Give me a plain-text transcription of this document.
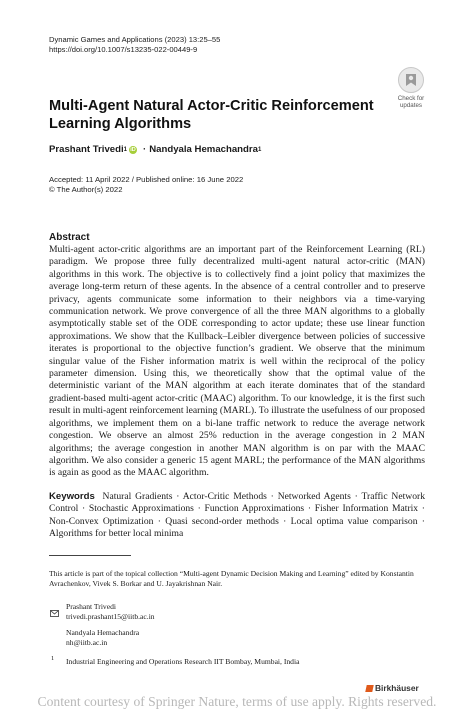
Dynamic Games and Applications (2023) 13:25–55
https://doi.org/10.1007/s13235-022-00449-9
Check for
updates
Multi-Agent Natural Actor-Critic Reinforcement Learning Algorithms
Prashant Trivedi 1 iD · Nandyala Hemachandra 1
Accepted: 11 April 2022 / Published online: 16 June 2022
© The Author(s) 2022
Abstract

Multi-agent actor-critic algorithms are an important part of the Reinforcement Learning (RL) paradigm. We propose three fully decentralized multi-agent natural actor-critic (MAN) algorithms in this work. The objective is to collectively find a joint policy that maximizes the average long-term return of these agents. In the absence of a central controller and to preserve privacy, agents communicate some information to their neighbors via a time-varying communication network. We prove convergence of all the three MAN algorithms to a globally asymptotically stable set of the ODE corresponding to actor update; these use linear function approximations. We show that the Kullback–Leibler divergence between policies of successive iterates is proportional to the objective function’s gradient. We observe that the minimum singular value of the Fisher information matrix is well within the reciprocal of the policy parameter dimension. Using this, we theoretically show that the optimal value of the deterministic variant of the MAN algorithm at each iterate dominates that of the standard gradient-based multi-agent actor-critic (MAAC) algorithm. To our knowledge, it is the first such result in multi-agent reinforcement learning (MARL). To illustrate the usefulness of our proposed algorithms, we implement them on a bi-lane traffic network to reduce the average network congestion. We observe an almost 25% reduction in the average congestion in 2 MAN algorithms; the average congestion in another MAN algorithm is on par with the MAAC algorithm. We also consider a generic 15 agent MARL; the performance of the MAN algorithms is again as good as the MAAC algorithm.

Keywords Natural Gradients · Actor-Critic Methods · Networked Agents · Traffic Network Control · Stochastic Approximations · Function Approximations · Fisher Information Matrix · Non-Convex Optimization · Quasi second-order methods · Local optima value comparison · Algorithms for better local minima

This article is part of the topical collection “Multi-agent Dynamic Decision Making and Learning” edited by Konstantin Avrachenkov, Vivek S. Borkar and U. Jayakrishnan Nair.
Prashant Trivedi
trivedi.prashant15@iitb.ac.in
Nandyala Hemachandra
nh@iitb.ac.in
1 Industrial Engineering and Operations Research IIT Bombay, Mumbai, India
Birkhäuser
Content courtesy of Springer Nature, terms of use apply. Rights reserved.
